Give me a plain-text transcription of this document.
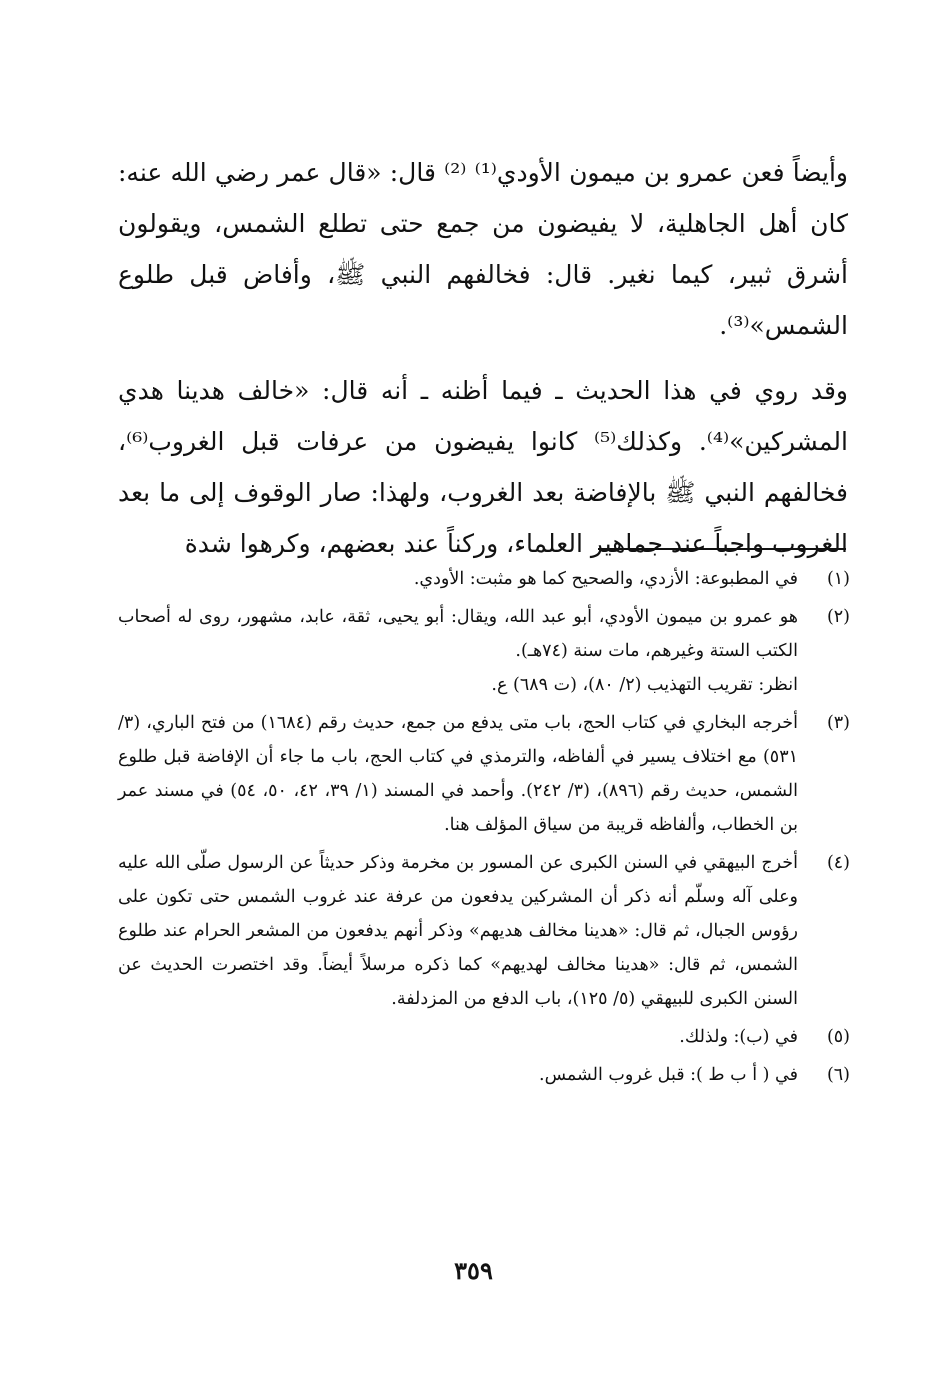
وأيضاً فعن عمرو بن ميمون الأودي⁽¹⁾ ⁽²⁾ قال: «قال عمر رضي الله عنه: كان أهل الجاهلية، لا يفيضون من جمع حتى تطلع الشمس، ويقولون أشرق ثبير، كيما نغير. قال: فخالفهم النبي ﷺ، وأفاض قبل طلوع الشمس»⁽³⁾.

وقد روي في هذا الحديث ـ فيما أظنه ـ أنه قال: «خالف هدينا هدي المشركين»⁽⁴⁾. وكذلك⁽⁵⁾ كانوا يفيضون من عرفات قبل الغروب⁽⁶⁾، فخالفهم النبي ﷺ بالإفاضة بعد الغروب، ولهذا: صار الوقوف إلى ما بعد الغروب واجباً عند جماهير العلماء، وركناً عند بعضهم، وكرهوا شدة

(١)
في المطبوعة: الأزدي، والصحيح كما هو مثبت: الأودي.
(٢)
هو عمرو بن ميمون الأودي، أبو عبد الله، ويقال: أبو يحيى، ثقة، عابد، مشهور، روى له أصحاب الكتب الستة وغيرهم، مات سنة (٧٤هـ).
انظر: تقريب التهذيب (٢/ ٨٠)، (ت ٦٨٩) ع.
(٣)
أخرجه البخاري في كتاب الحج، باب متى يدفع من جمع، حديث رقم (١٦٨٤) من فتح الباري، (٣/ ٥٣١) مع اختلاف يسير في ألفاظه، والترمذي في كتاب الحج، باب ما جاء أن الإفاضة قبل طلوع الشمس، حديث رقم (٨٩٦)، (٣/ ٢٤٢). وأحمد في المسند (١/ ٣٩، ٤٢، ٥٠، ٥٤) في مسند عمر بن الخطاب، وألفاظه قريبة من سياق المؤلف هنا.
(٤)
أخرج البيهقي في السنن الكبرى عن المسور بن مخرمة وذكر حديثاً عن الرسول صلّى الله عليه وعلى آله وسلّم أنه ذكر أن المشركين يدفعون من عرفة عند غروب الشمس حتى تكون على رؤوس الجبال، ثم قال: «هدينا مخالف هديهم» وذكر أنهم يدفعون من المشعر الحرام عند طلوع الشمس، ثم قال: «هدينا مخالف لهديهم» كما ذكره مرسلاً أيضاً. وقد اختصرت الحديث عن السنن الكبرى للبيهقي (٥/ ١٢٥)، باب الدفع من المزدلفة.
(٥)
في (ب): ولذلك.
(٦)
في ( أ ب ط ): قبل غروب الشمس.
٣٥٩
